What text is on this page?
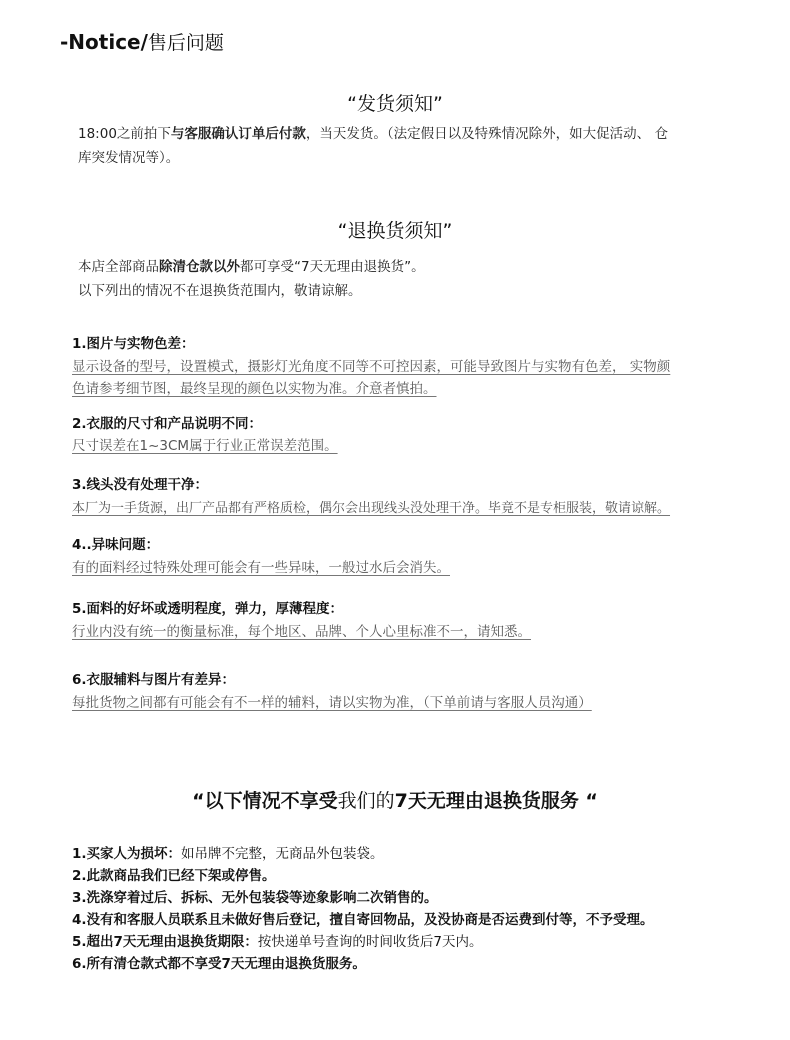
-Notice/售后问题
“发货须知”
18:00之前拍下与客服确认订单后付款，当天发货。（法定假日以及特殊情况除外，如大促活动、 仓
库突发情况等）。
“退换货须知”
本店全部商品除清仓款以外都可享受“7天无理由退换货”。
以下列出的情况不在退换货范围内，敬请谅解。
1.图片与实物色差：
显示设备的型号，设置模式，摄影灯光角度不同等不可控因素，可能导致图片与实物有色差， 实物颜
色请参考细节图，最终呈现的颜色以实物为准。介意者慎拍。
2.衣服的尺寸和产品说明不同：
尺寸误差在1~3CM属于行业正常误差范围。
3.线头没有处理干净：
本厂为一手货源，出厂产品都有严格质检，偶尔会出现线头没处理干净。毕竟不是专柜服装，敬请谅解。
4..异味问题：
有的面料经过特殊处理可能会有一些异味，一般过水后会消失。
5.面料的好坏或透明程度，弹力，厚薄程度：
行业内没有统一的衡量标准，每个地区、品牌、个人心里标准不一，请知悉。
6.衣服辅料与图片有差异：
每批货物之间都有可能会有不一样的辅料，请以实物为准，（下单前请与客服人员沟通）
“以下情况不享受我们的7天无理由退换货服务 “
1.买家人为损坏：如吊牌不完整，无商品外包装袋。
2.此款商品我们已经下架或停售。
3.洗涤穿着过后、拆标、无外包装袋等迹象影响二次销售的。
4.没有和客服人员联系且未做好售后登记，擅自寄回物品，及没协商是否运费到付等，不予受理。
5.超出7天无理由退换货期限：按快递单号查询的时间收货后7天内。
6.所有清仓款式都不享受7天无理由退换货服务。
